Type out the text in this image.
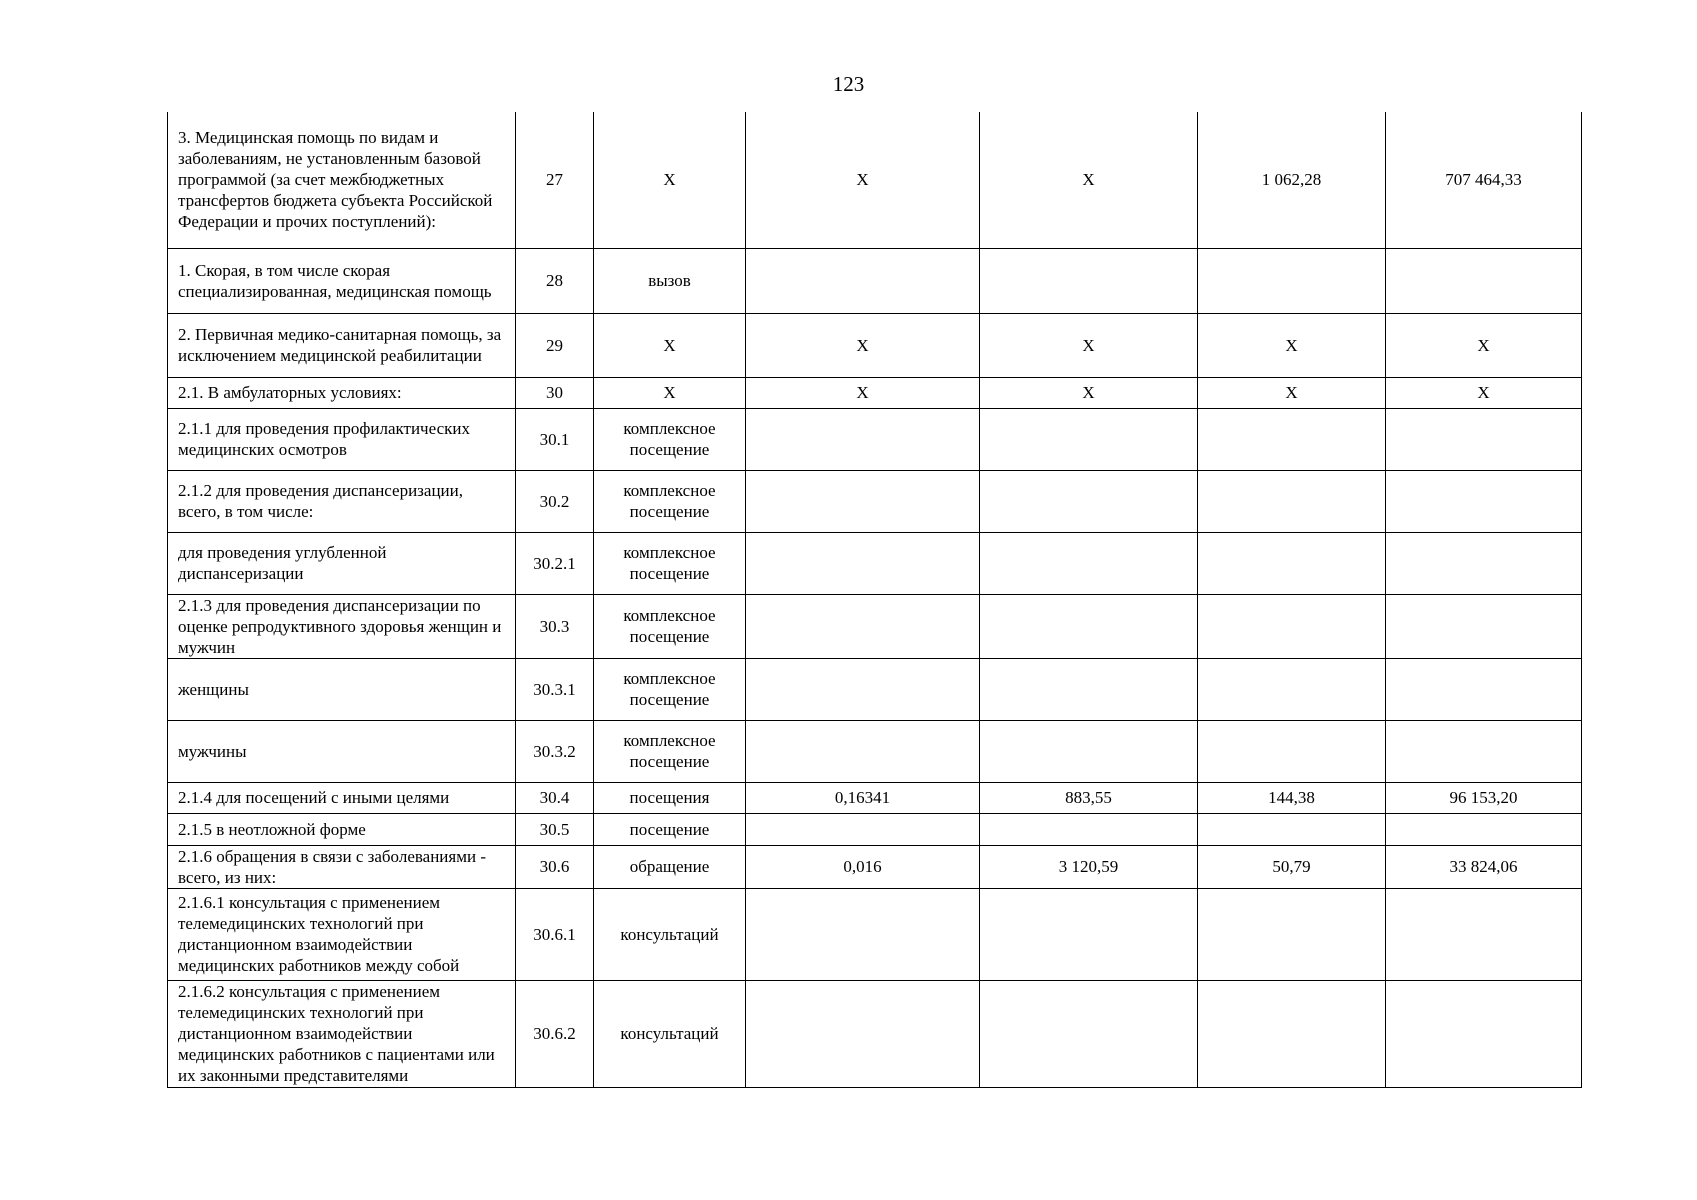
123
3. Медицинская помощь по видам и заболеваниям, не установленным базовой программой (за счет межбюджетных трансфертов бюджета субъекта Российской Федерации и прочих поступлений):	27	X	X	X	1 062,28	707 464,33
1. Скорая, в том числе скорая специализированная, медицинская помощь	28	вызов				
2. Первичная медико-санитарная помощь, за исключением медицинской реабилитации	29	X	X	X	X	X
2.1. В амбулаторных условиях:	30	X	X	X	X	X
2.1.1 для проведения профилактических медицинских осмотров	30.1	комплексное посещение				
2.1.2 для проведения диспансеризации, всего, в том числе:	30.2	комплексное посещение				
для проведения углубленной диспансеризации	30.2.1	комплексное посещение				
2.1.3 для проведения диспансеризации по оценке репродуктивного здоровья женщин и мужчин	30.3	комплексное посещение				
женщины	30.3.1	комплексное посещение				
мужчины	30.3.2	комплексное посещение				
2.1.4 для посещений с иными целями	30.4	посещения	0,16341	883,55	144,38	96 153,20
2.1.5 в неотложной форме	30.5	посещение				
2.1.6 обращения в связи с заболеваниями - всего, из них:	30.6	обращение	0,016	3 120,59	50,79	33 824,06
2.1.6.1 консультация с применением телемедицинских технологий при дистанционном взаимодействии медицинских работников между собой	30.6.1	консультаций				
2.1.6.2 консультация с применением телемедицинских технологий при дистанционном взаимодействии медицинских работников с пациентами или их законными представителями	30.6.2	консультаций				
